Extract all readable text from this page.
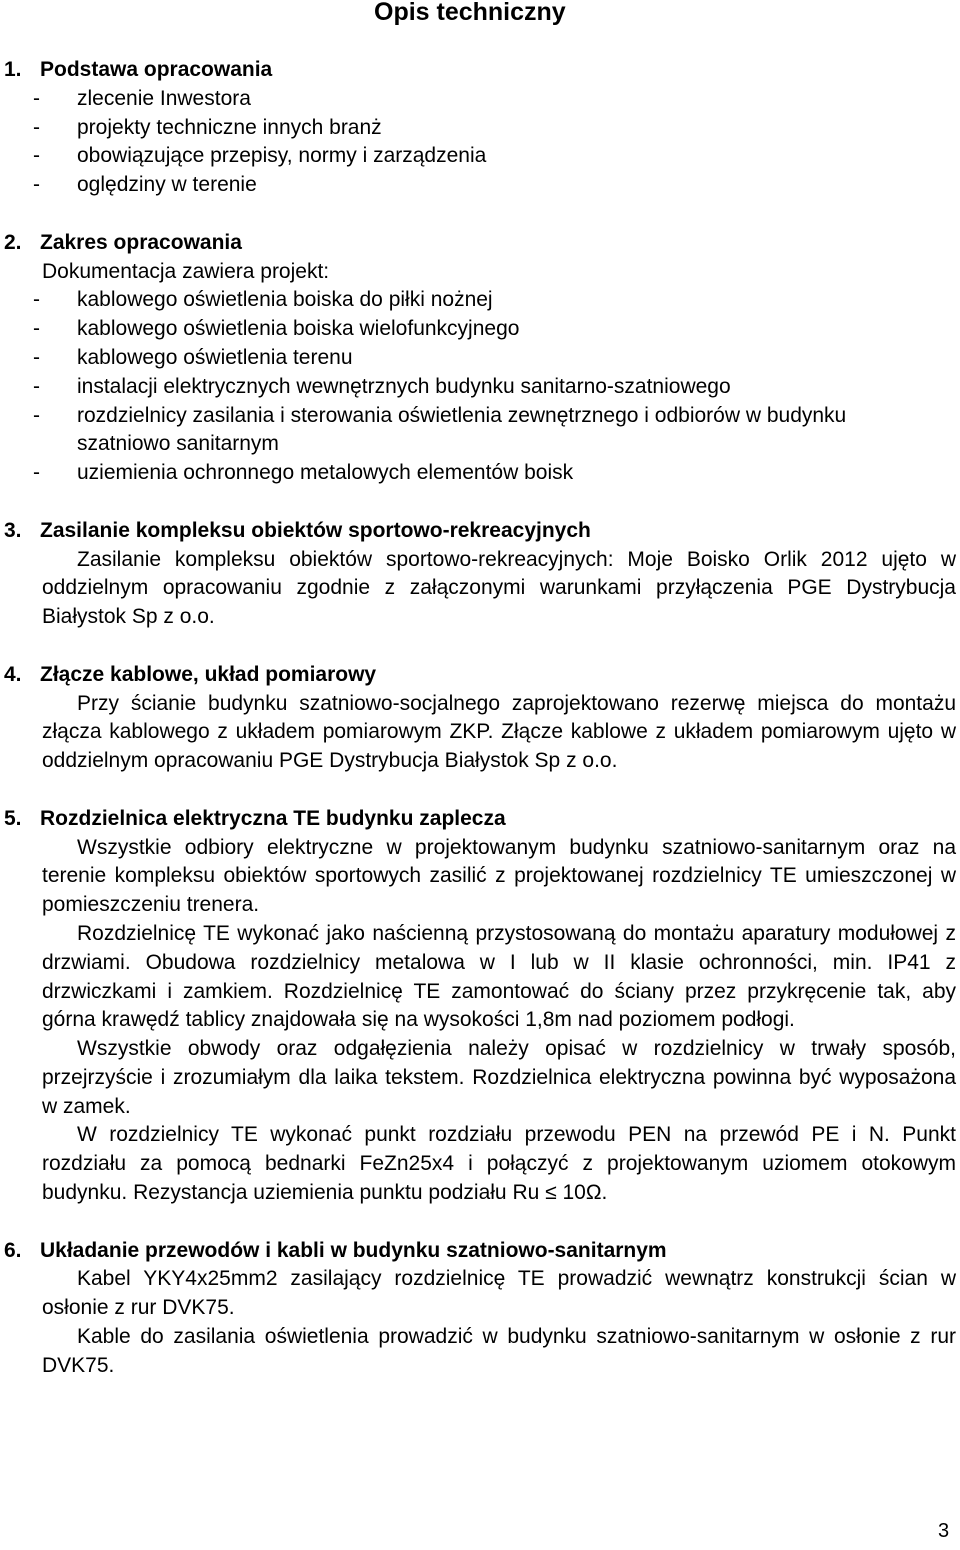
Opis techniczny
1. Podstawa opracowania
- zlecenie Inwestora
- projekty techniczne innych branż
- obowiązujące przepisy, normy i zarządzenia
- oględziny w terenie
2. Zakres opracowania

Dokumentacja zawiera projekt:

- kablowego oświetlenia boiska do piłki nożnej
- kablowego oświetlenia boiska wielofunkcyjnego
- kablowego oświetlenia terenu
- instalacji elektrycznych wewnętrznych budynku sanitarno-szatniowego
- rozdzielnicy zasilania i sterowania oświetlenia zewnętrznego i odbiorów w budynku szatniowo sanitarnym
- uziemienia ochronnego metalowych elementów boisk
3. Zasilanie kompleksu obiektów sportowo-rekreacyjnych

Zasilanie kompleksu obiektów sportowo-rekreacyjnych: Moje Boisko Orlik 2012 ujęto w oddzielnym opracowaniu zgodnie z załączonymi warunkami przyłączenia PGE Dystrybucja Białystok Sp z o.o.

4. Złącze kablowe, układ pomiarowy

Przy ścianie budynku szatniowo-socjalnego zaprojektowano rezerwę miejsca do montażu złącza kablowego z układem pomiarowym ZKP. Złącze kablowe z układem pomiarowym ujęto w oddzielnym opracowaniu PGE Dystrybucja Białystok Sp z o.o.

5. Rozdzielnica elektryczna TE budynku zaplecza

Wszystkie odbiory elektryczne w projektowanym budynku szatniowo-sanitarnym oraz na terenie kompleksu obiektów sportowych zasilić z projektowanej rozdzielnicy TE umieszczonej w pomieszczeniu trenera.

Rozdzielnicę TE wykonać jako naścienną przystosowaną do montażu aparatury modułowej z drzwiami. Obudowa rozdzielnicy metalowa w I lub w II klasie ochronności, min. IP41 z drzwiczkami i zamkiem. Rozdzielnicę TE zamontować do ściany przez przykręcenie tak, aby górna krawędź tablicy znajdowała się na wysokości 1,8m nad poziomem podłogi.

Wszystkie obwody oraz odgałęzienia należy opisać w rozdzielnicy w trwały sposób, przejrzyście i zrozumiałym dla laika tekstem. Rozdzielnica elektryczna powinna być wyposażona w zamek.

W rozdzielnicy TE wykonać punkt rozdziału przewodu PEN na przewód PE i N. Punkt rozdziału za pomocą bednarki FeZn25x4 i połączyć z projektowanym uziomem otokowym budynku. Rezystancja uziemienia punktu podziału Ru ≤ 10Ω.

6. Układanie przewodów i kabli w budynku szatniowo-sanitarnym

Kabel YKY4x25mm2 zasilający rozdzielnicę TE prowadzić wewnątrz konstrukcji ścian w osłonie z rur DVK75.

Kable do zasilania oświetlenia prowadzić w budynku szatniowo-sanitarnym w osłonie z rur DVK75.

3
